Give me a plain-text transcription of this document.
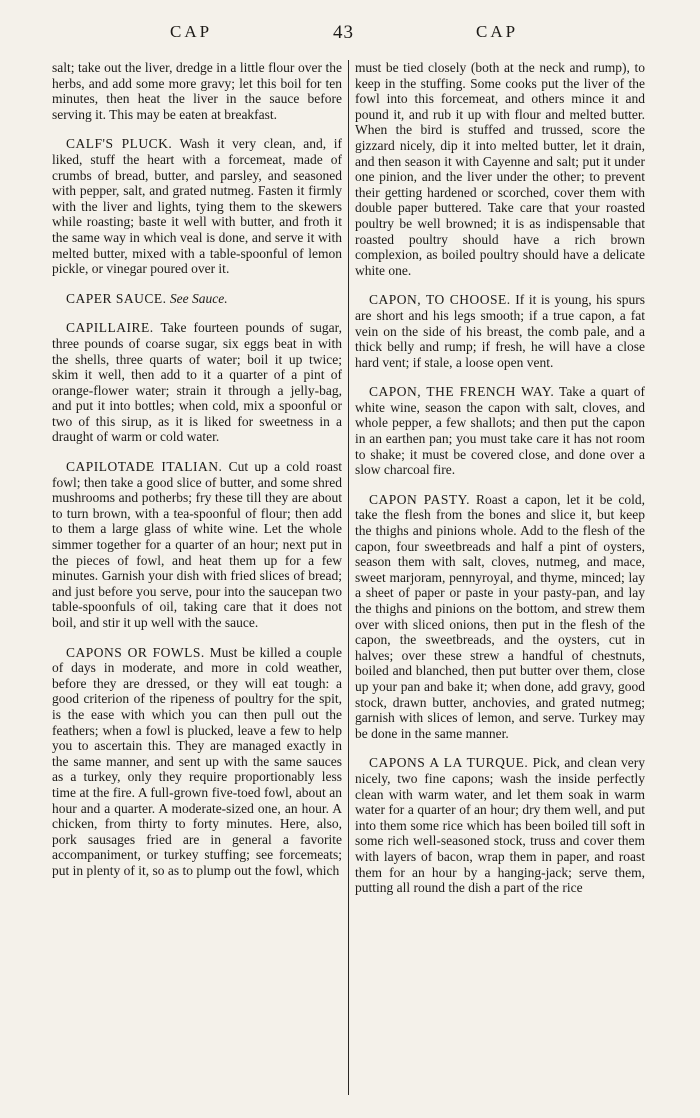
CAP	43	CAP

salt; take out the liver, dredge in a little flour over the herbs, and add some more gravy; let this boil for ten minutes, then heat the liver in the sauce before serving it. This may be eaten at breakfast.

CALF'S PLUCK. Wash it very clean, and, if liked, stuff the heart with a forcemeat, made of crumbs of bread, butter, and parsley, and seasoned with pepper, salt, and grated nutmeg. Fasten it firmly with the liver and lights, tying them to the skewers while roasting; baste it well with butter, and froth it the same way in which veal is done, and serve it with melted butter, mixed with a table-spoonful of lemon pickle, or vinegar poured over it.

CAPER SAUCE. See Sauce.

CAPILLAIRE. Take fourteen pounds of sugar, three pounds of coarse sugar, six eggs beat in with the shells, three quarts of water; boil it up twice; skim it well, then add to it a quarter of a pint of orange-flower water; strain it through a jelly-bag, and put it into bottles; when cold, mix a spoonful or two of this sirup, as it is liked for sweetness in a draught of warm or cold water.

CAPILOTADE ITALIAN. Cut up a cold roast fowl; then take a good slice of butter, and some shred mushrooms and potherbs; fry these till they are about to turn brown, with a tea-spoonful of flour; then add to them a large glass of white wine. Let the whole simmer together for a quarter of an hour; next put in the pieces of fowl, and heat them up for a few minutes. Garnish your dish with fried slices of bread; and just before you serve, pour into the saucepan two table-spoonfuls of oil, taking care that it does not boil, and stir it up well with the sauce.

CAPONS OR FOWLS. Must be killed a couple of days in moderate, and more in cold weather, before they are dressed, or they will eat tough: a good criterion of the ripeness of poultry for the spit, is the ease with which you can then pull out the feathers; when a fowl is plucked, leave a few to help you to ascertain this. They are managed exactly in the same manner, and sent up with the same sauces as a turkey, only they require proportionably less time at the fire. A full-grown five-toed fowl, about an hour and a quarter. A moderate-sized one, an hour. A chicken, from thirty to forty minutes. Here, also, pork sausages fried are in general a favorite accompaniment, or turkey stuffing; see forcemeats; put in plenty of it, so as to plump out the fowl, which

must be tied closely (both at the neck and rump), to keep in the stuffing. Some cooks put the liver of the fowl into this forcemeat, and others mince it and pound it, and rub it up with flour and melted butter. When the bird is stuffed and trussed, score the gizzard nicely, dip it into melted butter, let it drain, and then season it with Cayenne and salt; put it under one pinion, and the liver under the other; to prevent their getting hardened or scorched, cover them with double paper buttered. Take care that your roasted poultry be well browned; it is as indispensable that roasted poultry should have a rich brown complexion, as boiled poultry should have a delicate white one.

CAPON, TO CHOOSE. If it is young, his spurs are short and his legs smooth; if a true capon, a fat vein on the side of his breast, the comb pale, and a thick belly and rump; if fresh, he will have a close hard vent; if stale, a loose open vent.

CAPON, THE FRENCH WAY. Take a quart of white wine, season the capon with salt, cloves, and whole pepper, a few shallots; and then put the capon in an earthen pan; you must take care it has not room to shake; it must be covered close, and done over a slow charcoal fire.

CAPON PASTY. Roast a capon, let it be cold, take the flesh from the bones and slice it, but keep the thighs and pinions whole. Add to the flesh of the capon, four sweetbreads and half a pint of oysters, season them with salt, cloves, nutmeg, and mace, sweet marjoram, pennyroyal, and thyme, minced; lay a sheet of paper or paste in your pasty-pan, and lay the thighs and pinions on the bottom, and strew them over with sliced onions, then put in the flesh of the capon, the sweetbreads, and the oysters, cut in halves; over these strew a handful of chestnuts, boiled and blanched, then put butter over them, close up your pan and bake it; when done, add gravy, good stock, drawn butter, anchovies, and grated nutmeg; garnish with slices of lemon, and serve. Turkey may be done in the same manner.

CAPONS A LA TURQUE. Pick, and clean very nicely, two fine capons; wash the inside perfectly clean with warm water, and let them soak in warm water for a quarter of an hour; dry them well, and put into them some rice which has been boiled till soft in some rich well-seasoned stock, truss and cover them with layers of bacon, wrap them in paper, and roast them for an hour by a hanging-jack; serve them, putting all round the dish a part of the rice
